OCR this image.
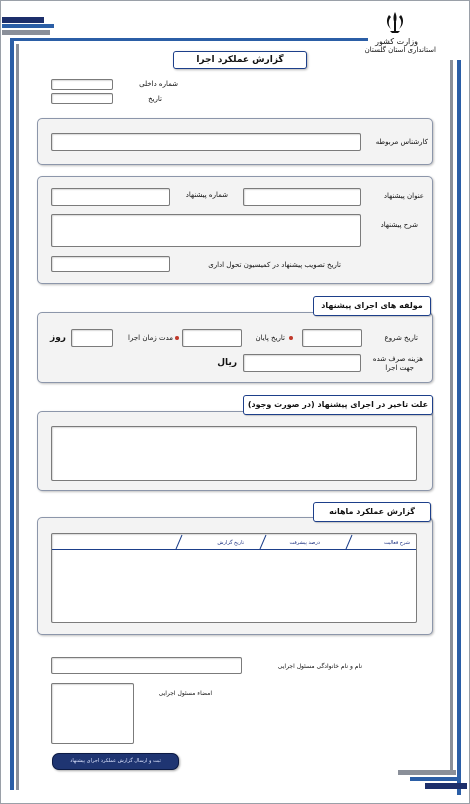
وزارت کشور
استانداری استان گلستان
گزارش عملکرد اجرا
شماره داخلی
تاریخ
کارشناس مربوطه
شماره پیشنهاد	عنوان پیشنهاد
شرح پیشنهاد
تاریخ تصویب پیشنهاد در کمیسیون تحول اداری
مولفه های اجرای پیشنهاد
تاریخ شروع
تاریخ پایان
مدت زمان اجرا
روز
هزینه صرف شده
جهت اجرا
ریال
علت تاخیر در اجرای پیشنهاد (در صورت وجود)
گزارش عملکرد ماهانه
شرح فعالیت
درصد پیشرفت
تاریخ گزارش
نام و نام خانوادگی مسئول اجرایی
امضاء مسئول اجرایی
ثبت و ارسال گزارش عملکرد اجرای پیشنهاد
